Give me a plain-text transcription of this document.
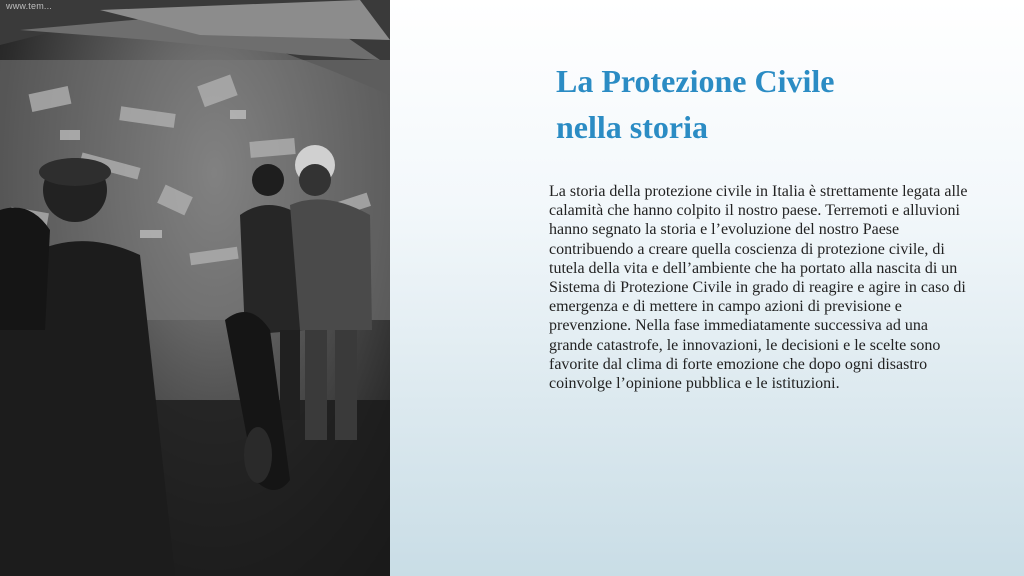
www.tem...
La Protezione Civile
nella storia

La storia della protezione civile in Italia è strettamente legata alle calamità che hanno colpito il nostro paese. Terremoti e alluvioni hanno segnato la storia e l’evoluzione del nostro Paese contribuendo a creare quella coscienza di protezione civile, di tutela della vita e dell’ambiente che ha portato alla nascita di un Sistema di Protezione Civile in grado di reagire e agire in caso di emergenza e di mettere in campo azioni di previsione e prevenzione. Nella fase immediatamente successiva ad una grande catastrofe, le innovazioni, le decisioni e le scelte sono favorite dal clima di forte emozione che dopo ogni disastro coinvolge l’opinione pubblica e le istituzioni.
